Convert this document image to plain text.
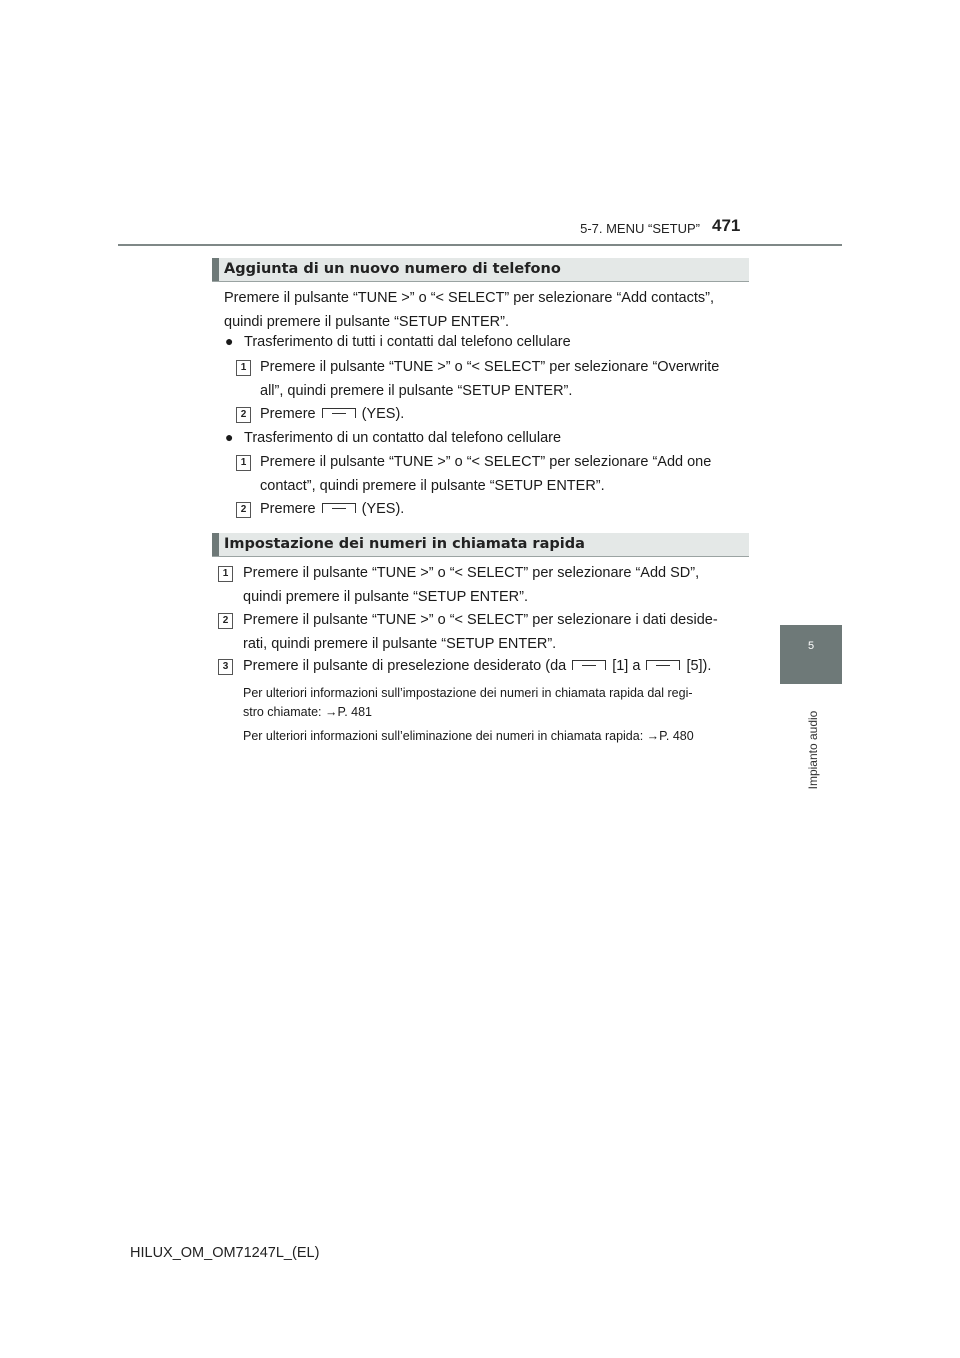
5-7. MENU “SETUP” 471
5
Impianto audio
Aggiunta di un nuovo numero di telefono
Premere il pulsante “TUNE >” o “< SELECT” per selezionare “Add contacts”,
quindi premere il pulsante “SETUP ENTER”.
● Trasferimento di tutti i contatti dal telefono cellulare
1 Premere il pulsante “TUNE >” o “< SELECT” per selezionare “Overwrite
all”, quindi premere il pulsante “SETUP ENTER”.
2 Premere	(YES).
● Trasferimento di un contatto dal telefono cellulare
1 Premere il pulsante “TUNE >” o “< SELECT” per selezionare “Add one
contact”, quindi premere il pulsante “SETUP ENTER”.
2 Premere	(YES).
Impostazione dei numeri in chiamata rapida
1	Premere il pulsante “TUNE >” o “< SELECT” per selezionare “Add SD”,
quindi premere il pulsante “SETUP ENTER”.
2	Premere il pulsante “TUNE >” o “< SELECT” per selezionare i dati deside-
rati, quindi premere il pulsante “SETUP ENTER”.
3	Premere il pulsante di preselezione desiderato (da	[1] a	[5]).
Per ulteriori informazioni sull’impostazione dei numeri in chiamata rapida dal regi-
stro chiamate: →P. 481
Per ulteriori informazioni sull’eliminazione dei numeri in chiamata rapida: →P. 480
HILUX_OM_OM71247L_(EL)
